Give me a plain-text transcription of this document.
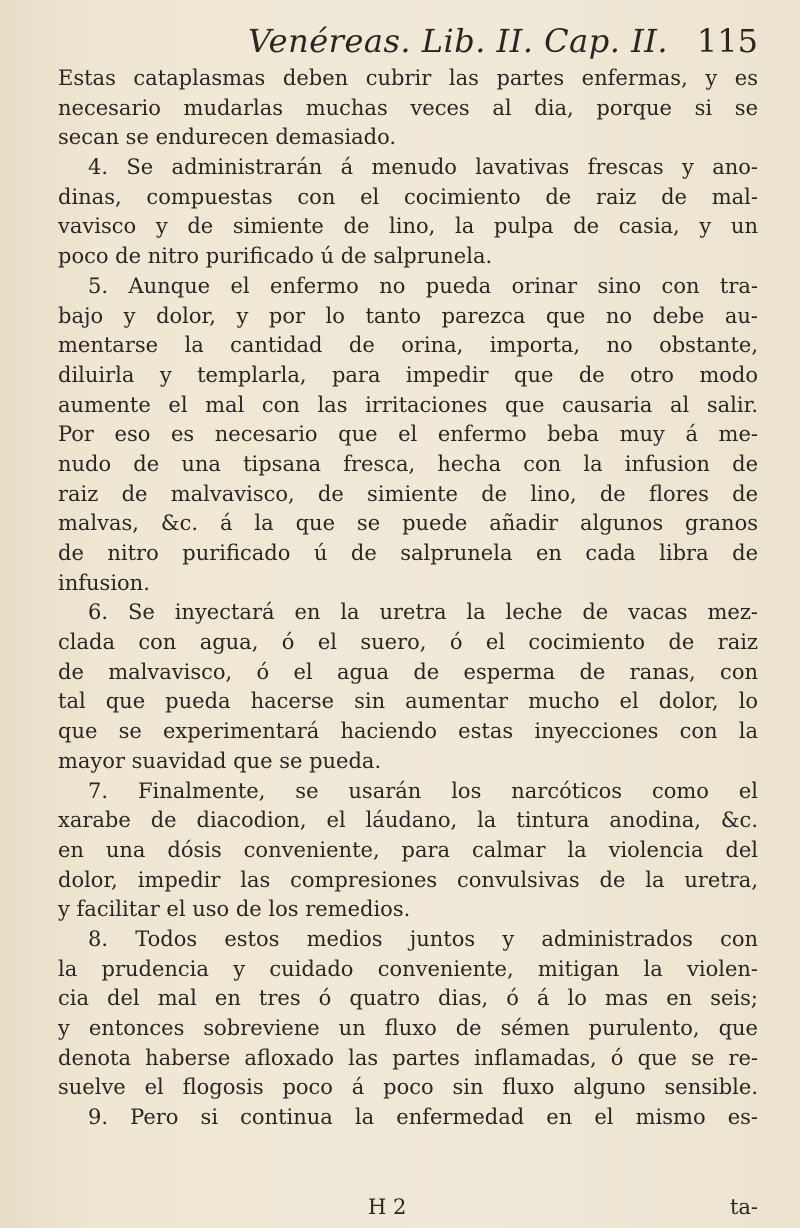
Venéreas. Lib. II. Cap. II. 115
Estas cataplasmas deben cubrir las partes enfermas, y es
necesario mudarlas muchas veces al dia, porque si se
secan se endurecen demasiado.
4. Se administrarán á menudo lavativas frescas y ano-
dinas, compuestas con el cocimiento de raiz de mal-
vavisco y de simiente de lino, la pulpa de casia, y un
poco de nitro purificado ú de salprunela.
5. Aunque el enfermo no pueda orinar sino con tra-
bajo y dolor, y por lo tanto parezca que no debe au-
mentarse la cantidad de orina, importa, no obstante,
diluirla y templarla, para impedir que de otro modo
aumente el mal con las irritaciones que causaria al salir.
Por eso es necesario que el enfermo beba muy á me-
nudo de una tipsana fresca, hecha con la infusion de
raiz de malvavisco, de simiente de lino, de flores de
malvas, &c. á la que se puede añadir algunos granos
de nitro purificado ú de salprunela en cada libra de
infusion.
6. Se inyectará en la uretra la leche de vacas mez-
clada con agua, ó el suero, ó el cocimiento de raiz
de malvavisco, ó el agua de esperma de ranas, con
tal que pueda hacerse sin aumentar mucho el dolor, lo
que se experimentará haciendo estas inyecciones con la
mayor suavidad que se pueda.
7. Finalmente, se usarán los narcóticos como el
xarabe de diacodion, el láudano, la tintura anodina, &c.
en una dósis conveniente, para calmar la violencia del
dolor, impedir las compresiones convulsivas de la uretra,
y facilitar el uso de los remedios.
8. Todos estos medios juntos y administrados con
la prudencia y cuidado conveniente, mitigan la violen-
cia del mal en tres ó quatro dias, ó á lo mas en seis;
y entonces sobreviene un fluxo de sémen purulento, que
denota haberse afloxado las partes inflamadas, ó que se re-
suelve el flogosis poco á poco sin fluxo alguno sensible.
9. Pero si continua la enfermedad en el mismo es-
H 2	ta-
